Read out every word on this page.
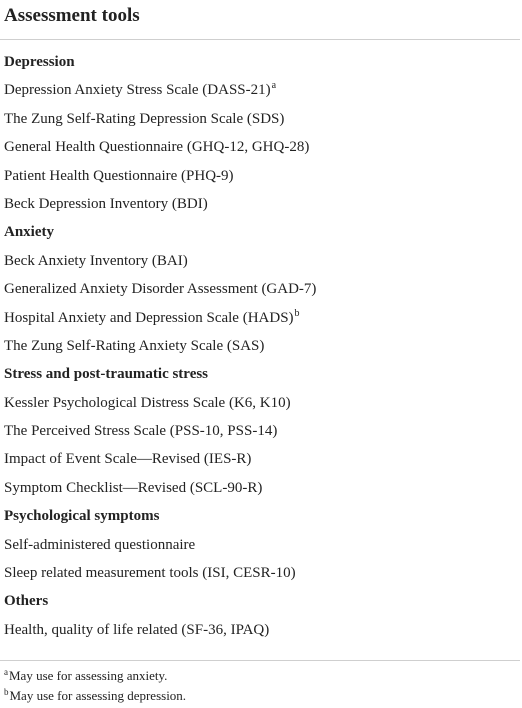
Assessment tools
Depression
Depression Anxiety Stress Scale (DASS-21)$^a$
The Zung Self-Rating Depression Scale (SDS)
General Health Questionnaire (GHQ-12, GHQ-28)
Patient Health Questionnaire (PHQ-9)
Beck Depression Inventory (BDI)
Anxiety
Beck Anxiety Inventory (BAI)
Generalized Anxiety Disorder Assessment (GAD-7)
Hospital Anxiety and Depression Scale (HADS)$^b$
The Zung Self-Rating Anxiety Scale (SAS)
Stress and post-traumatic stress
Kessler Psychological Distress Scale (K6, K10)
The Perceived Stress Scale (PSS-10, PSS-14)
Impact of Event Scale—Revised (IES-R)
Symptom Checklist—Revised (SCL-90-R)
Psychological symptoms
Self-administered questionnaire
Sleep related measurement tools (ISI, CESR-10)
Others
Health, quality of life related (SF-36, IPAQ)
$^a$May use for assessing anxiety.
$^b$May use for assessing depression.
